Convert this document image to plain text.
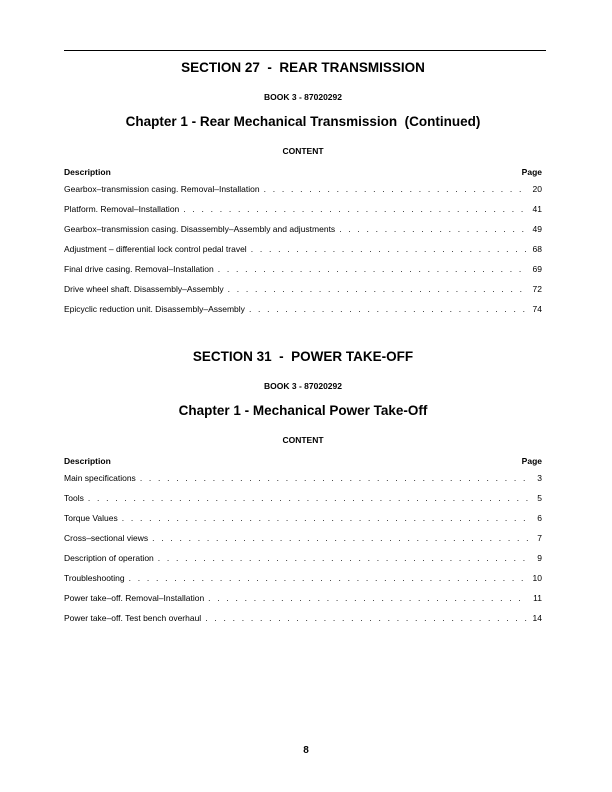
SECTION 27  -  REAR TRANSMISSION
BOOK 3 - 87020292
Chapter 1 - Rear Mechanical Transmission  (Continued)
CONTENT
Description	Page
Gearbox–transmission casing. Removal–Installation . . .	20
Platform. Removal–Installation . . .	41
Gearbox–transmission casing. Disassembly–Assembly and adjustments . . .	49
Adjustment – differential lock control pedal travel . . .	68
Final drive casing. Removal–Installation . . .	69
Drive wheel shaft. Disassembly–Assembly . . .	72
Epicyclic reduction unit. Disassembly–Assembly . . .	74
SECTION 31  -  POWER TAKE-OFF
BOOK 3 - 87020292
Chapter 1 - Mechanical Power Take-Off
CONTENT
Description	Page
Main specifications . . .	3
Tools . . .	5
Torque Values . . .	6
Cross–sectional views . . .	7
Description of operation . . .	9
Troubleshooting . . .	10
Power take–off. Removal–Installation . . .	11
Power take–off. Test bench overhaul . . .	14
8
